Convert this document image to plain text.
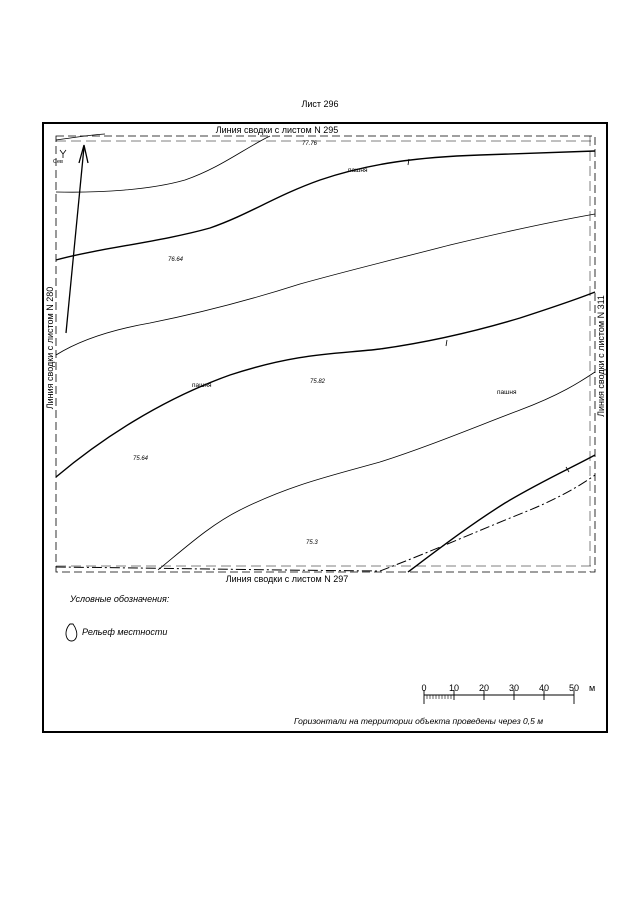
Лист 296
Сев
Линия сводки с листом N 295
Линия сводки с листом N 297
Линия сводки с листом N 280	Линия сводки с листом N 311
77.76
76.64
75.82
75.64
75.3
пашня
пашня
пашня
Условные обозначения:
Рельеф местности
0 10 20 30 40 50 м
Горизонтали на территории объекта проведены через 0,5 м
